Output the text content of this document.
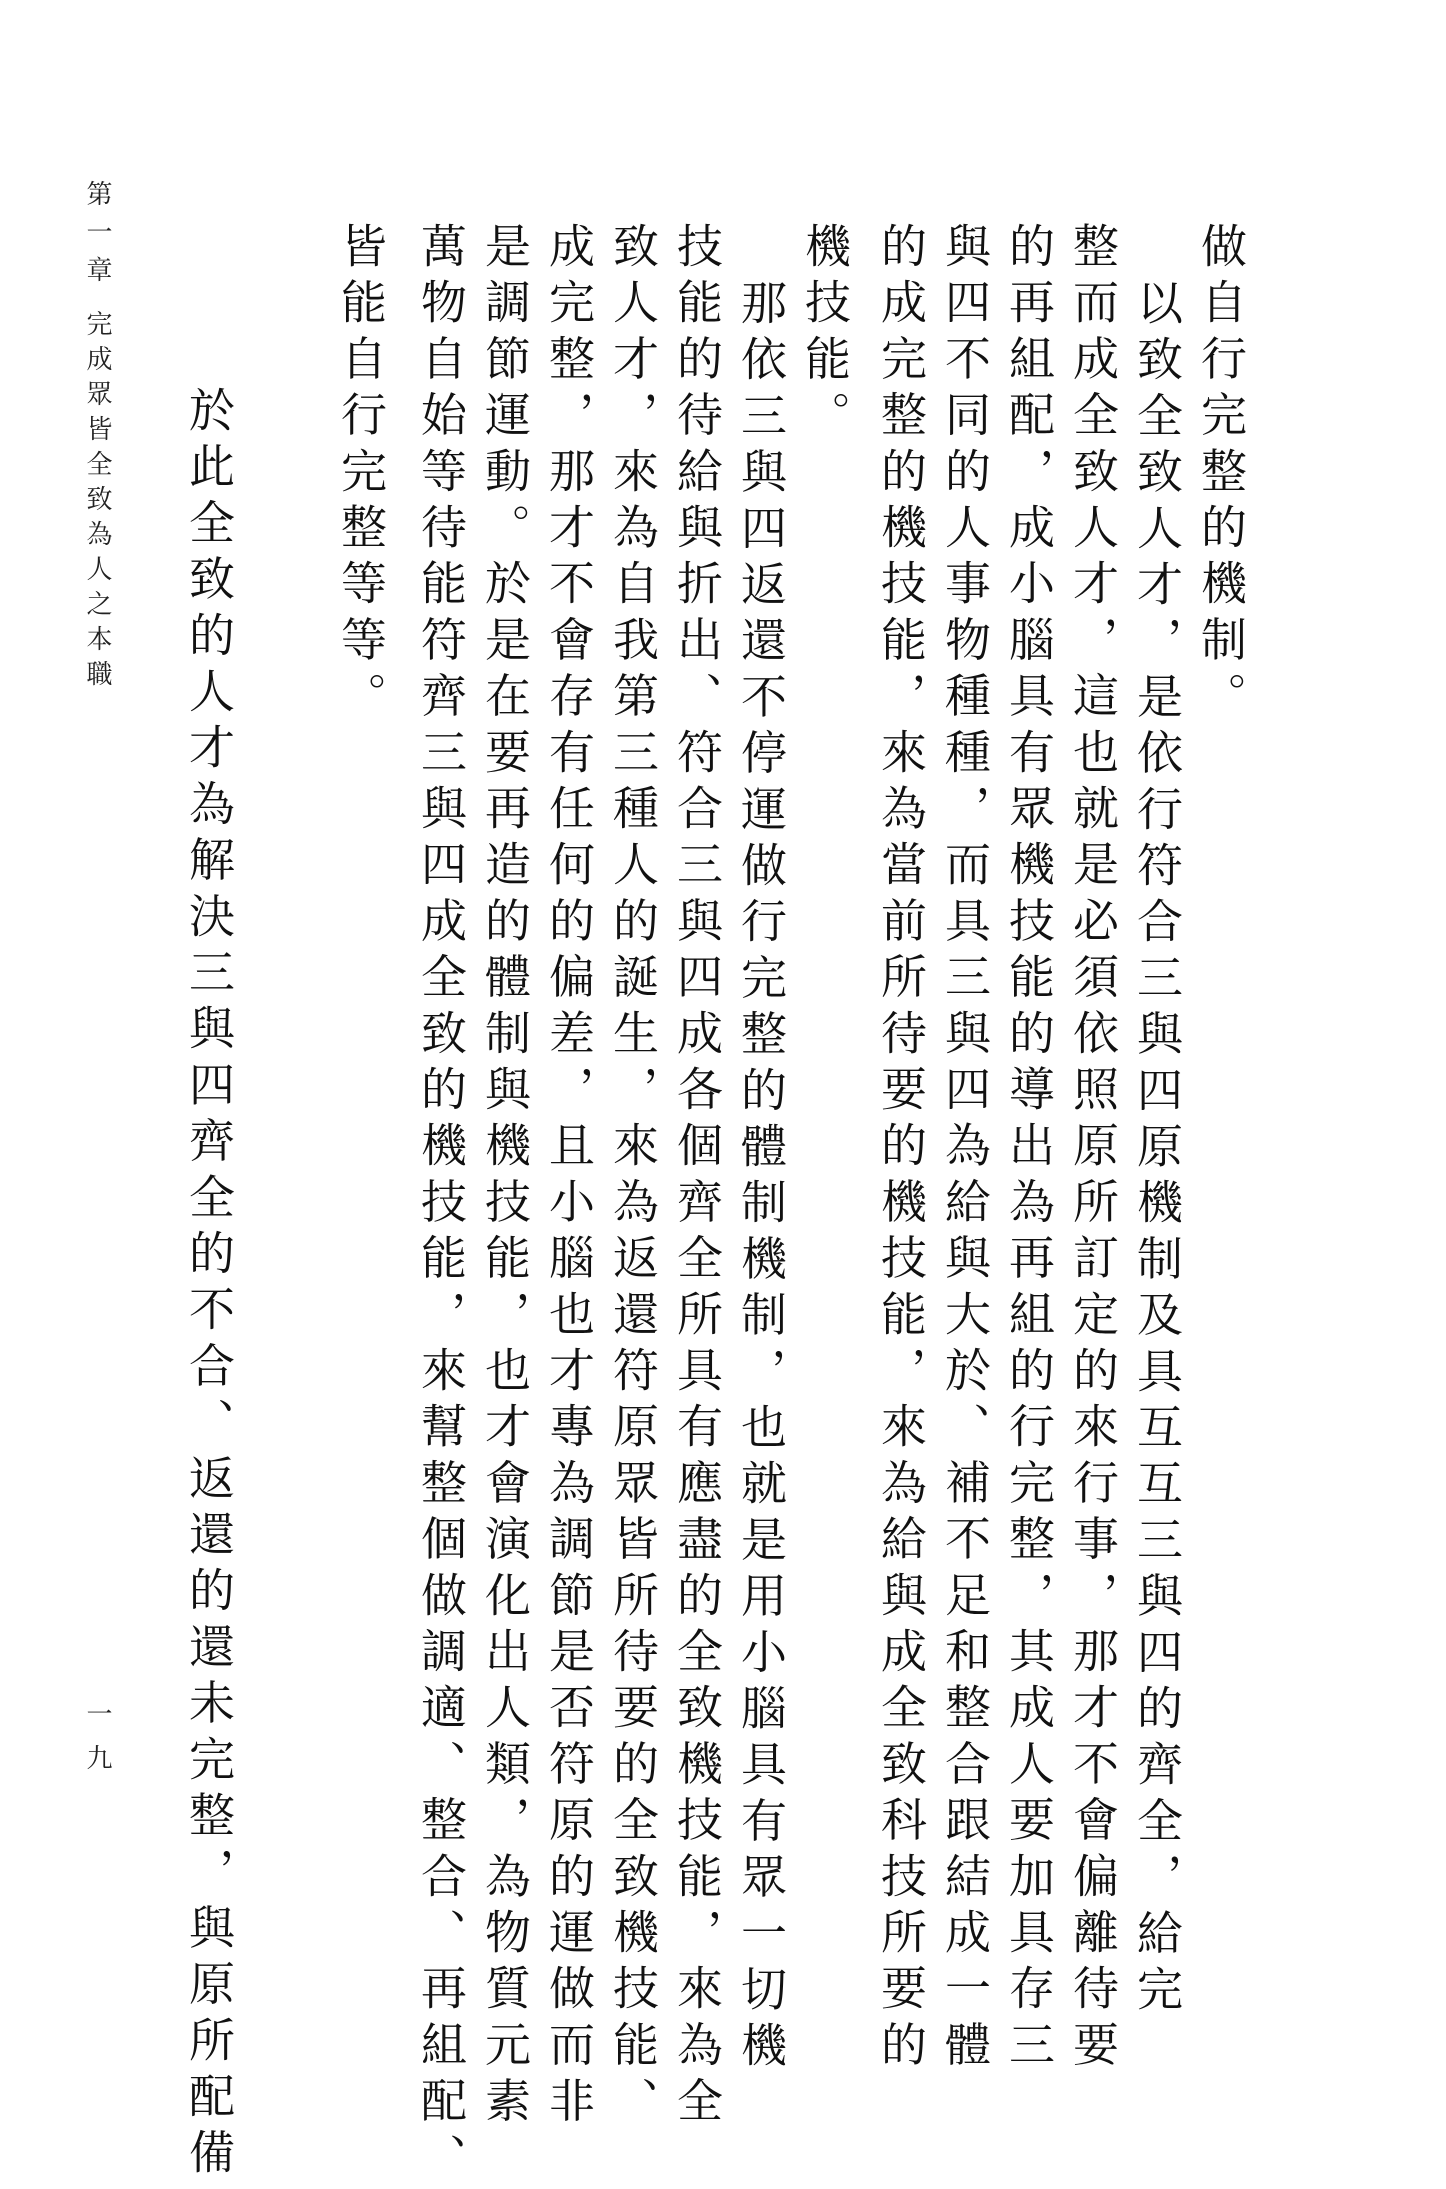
做自行完整的機制。
以致全致人才，是依行符合三與四原機制及具互互三與四的齊全，給完
整而成全致人才，這也就是必須依照原所訂定的來行事，那才不會偏離待要
的再組配，成小腦具有眾機技能的導出為再組的行完整，其成人要加具存三
與四不同的人事物種種，而具三與四為給與大於、補不足和整合跟結成一體
的成完整的機技能，來為當前所待要的機技能，來為給與成全致科技所要的
機技能。
那依三與四返還不停運做行完整的體制機制，也就是用小腦具有眾一切機
技能的待給與折出、符合三與四成各個齊全所具有應盡的全致機技能，來為全
致人才，來為自我第三種人的誕生，來為返還符原眾皆所待要的全致機技能、
成完整，那才不會存有任何的偏差，且小腦也才專為調節是否符原的運做而非
是調節運動。於是在要再造的體制與機技能，也才會演化出人類，為物質元素
萬物自始等待能符齊三與四成全致的機技能，來幫整個做調適、整合、再組配、
皆能自行完整等等。
於此全致的人才為解決三與四齊全的不合、返還的還未完整，與原所配備
第一章
完成眾皆全致為人之本職
一九
